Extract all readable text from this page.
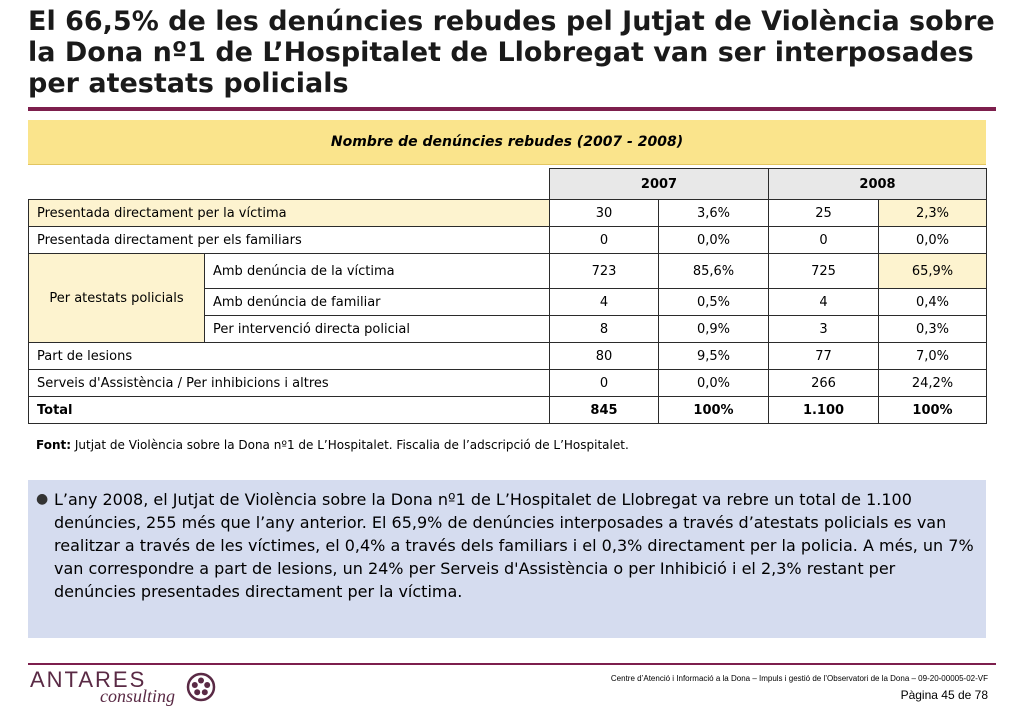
El 66,5% de les denúncies rebudes pel Jutjat de Violència sobre la Dona nº1 de L’Hospitalet de Llobregat van ser interposades per atestats policials
Nombre de denúncies rebudes (2007 - 2008)
		2007		2008	
Presentada directament per la víctima		30	3,6%	25	2,3%
Presentada directament per els familiars		0	0,0%	0	0,0%
Per atestats policials	Amb denúncia de la víctima	723	85,6%	725	65,9%
	Amb denúncia de familiar	4	0,5%	4	0,4%
	Per intervenció directa policial	8	0,9%	3	0,3%
Part de lesions		80	9,5%	77	7,0%
Serveis d'Assistència / Per inhibicions i altres		0	0,0%	266	24,2%
Total		845	100%	1.100	100%
Font: Jutjat de Violència sobre la Dona nº1 de L’Hospitalet. Fiscalia de l’adscripció de L’Hospitalet.
● L’any 2008, el Jutjat de Violència sobre la Dona nº1 de L’Hospitalet de Llobregat va rebre un total de 1.100 denúncies, 255 més que l’any anterior. El 65,9% de denúncies interposades a través d’atestats policials es van realitzar a través de les víctimes, el 0,4% a través dels familiars i el 0,3% directament per la policia. A més, un 7% van correspondre a part de lesions, un 24% per Serveis d'Assistència o per Inhibició i el 2,3% restant per denúncies presentades directament per la víctima.
ANTARES
consulting
Centre d’Atenció i Informació a la Dona – Impuls i gestió de l’Observatori de la Dona – 09-20-00005-02-VF
Pàgina 45 de 78
